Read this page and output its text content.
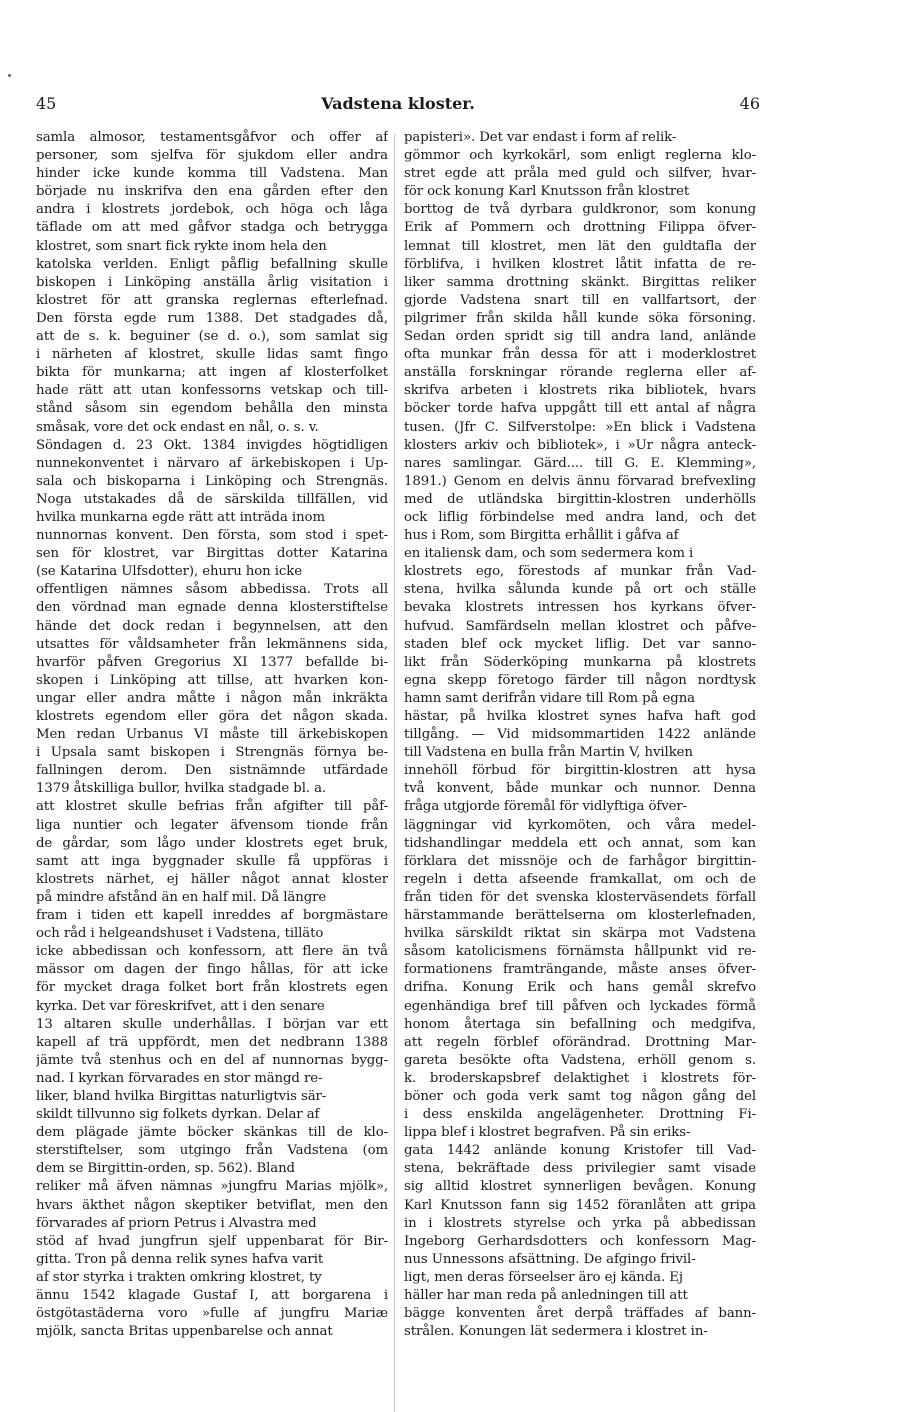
45	Vadstena kloster.	46
samla almosor, testamentsgåfvor och offer af
personer, som sjelfva för sjukdom eller andra
hinder icke kunde komma till Vadstena. Man
började nu inskrifva den ena gården efter den
andra i klostrets jordebok, och höga och låga
täflade om att med gåfvor stadga och betrygga
klostret, som snart fick rykte inom hela den
katolska verlden. Enligt påflig befallning skulle
biskopen i Linköping anställa årlig visitation i
klostret för att granska reglernas efterlefnad.
Den första egde rum 1388. Det stadgades då,
att de s. k. beguiner (se d. o.), som samlat sig
i närheten af klostret, skulle lidas samt fingo
bikta för munkarna; att ingen af klosterfolket
hade rätt att utan konfessorns vetskap och till-
stånd såsom sin egendom behålla den minsta
småsak, vore det ock endast en nål, o. s. v.
Söndagen d. 23 Okt. 1384 invigdes högtidligen
nunnekonventet i närvaro af ärkebiskopen i Up-
sala och biskoparna i Linköping och Strengnäs.
Noga utstakades då de särskilda tillfällen, vid
hvilka munkarna egde rätt att inträda inom
nunnornas konvent. Den första, som stod i spet-
sen för klostret, var Birgittas dotter Katarina
(se Katarina Ulfsdotter), ehuru hon icke
offentligen nämnes såsom abbedissa. Trots all
den vördnad man egnade denna klosterstiftelse
hände det dock redan i begynnelsen, att den
utsattes för våldsamheter från lekmännens sida,
hvarför påfven Gregorius XI 1377 befallde bi-
skopen i Linköping att tillse, att hvarken kon-
ungar eller andra måtte i någon mån inkräkta
klostrets egendom eller göra det någon skada.
Men redan Urbanus VI måste till ärkebiskopen
i Upsala samt biskopen i Strengnäs förnya be-
fallningen derom. Den sistnämnde utfärdade
1379 åtskilliga bullor, hvilka stadgade bl. a.
att klostret skulle befrias från afgifter till påf-
liga nuntier och legater äfvensom tionde från
de gårdar, som lågo under klostrets eget bruk,
samt att inga byggnader skulle få uppföras i
klostrets närhet, ej häller något annat kloster
på mindre afstånd än en half mil. Då längre
fram i tiden ett kapell inreddes af borgmästare
och råd i helgeandshuset i Vadstena, tilläto
icke abbedissan och konfessorn, att flere än två
mässor om dagen der fingo hållas, för att icke
för mycket draga folket bort från klostrets egen
kyrka. Det var föreskrifvet, att i den senare
13 altaren skulle underhållas. I början var ett
kapell af trä uppfördt, men det nedbrann 1388
jämte två stenhus och en del af nunnornas bygg-
nad. I kyrkan förvarades en stor mängd re-
liker, bland hvilka Birgittas naturligtvis sär-
skildt tillvunno sig folkets dyrkan. Delar af
dem plägade jämte böcker skänkas till de klo-
sterstiftelser, som utgingo från Vadstena (om
dem se Birgittin-orden, sp. 562). Bland
reliker må äfven nämnas »jungfru Marias mjölk»,
hvars äkthet någon skeptiker betviflat, men den
förvarades af priorn Petrus i Alvastra med
stöd af hvad jungfrun sjelf uppenbarat för Bir-
gitta. Tron på denna relik synes hafva varit
af stor styrka i trakten omkring klostret, ty
ännu 1542 klagade Gustaf I, att borgarena i
östgötastäderna voro »fulle af jungfru Mariæ
mjölk, sancta Britas uppenbarelse och annat
papisteri». Det var endast i form af relik-
gömmor och kyrkokärl, som enligt reglerna klo-
stret egde att pråla med guld och silfver, hvar-
för ock konung Karl Knutsson från klostret
borttog de två dyrbara guldkronor, som konung
Erik af Pommern och drottning Filippa öfver-
lemnat till klostret, men lät den guldtafla der
förblifva, i hvilken klostret låtit infatta de re-
liker samma drottning skänkt. Birgittas reliker
gjorde Vadstena snart till en vallfartsort, der
pilgrimer från skilda håll kunde söka försoning.
Sedan orden spridt sig till andra land, anlände
ofta munkar från dessa för att i moderklostret
anställa forskningar rörande reglerna eller af-
skrifva arbeten i klostrets rika bibliotek, hvars
böcker torde hafva uppgått till ett antal af några
tusen. (Jfr C. Silfverstolpe: »En blick i Vadstena
klosters arkiv och bibliotek», i »Ur några anteck-
nares samlingar. Gärd.... till G. E. Klemming»,
1891.) Genom en delvis ännu förvarad brefvexling
med de utländska birgittin-klostren underhölls
ock liflig förbindelse med andra land, och det
hus i Rom, som Birgitta erhållit i gåfva af
en italiensk dam, och som sedermera kom i
klostrets ego, förestods af munkar från Vad-
stena, hvilka sålunda kunde på ort och ställe
bevaka klostrets intressen hos kyrkans öfver-
hufvud. Samfärdseln mellan klostret och påfve-
staden blef ock mycket liflig. Det var sanno-
likt från Söderköping munkarna på klostrets
egna skepp företogo färder till någon nordtysk
hamn samt derifrån vidare till Rom på egna
hästar, på hvilka klostret synes hafva haft god
tillgång. — Vid midsommartiden 1422 anlände
till Vadstena en bulla från Martin V, hvilken
innehöll förbud för birgittin-klostren att hysa
två konvent, både munkar och nunnor. Denna
fråga utgjorde föremål för vidlyftiga öfver-
läggningar vid kyrkomöten, och våra medel-
tidshandlingar meddela ett och annat, som kan
förklara det missnöje och de farhågor birgittin-
regeln i detta afseende framkallat, om och de
från tiden för det svenska klosterväsendets förfall
härstammande berättelserna om klosterlefnaden,
hvilka särskildt riktat sin skärpa mot Vadstena
såsom katolicismens förnämsta hållpunkt vid re-
formationens framträngande, måste anses öfver-
drifna. Konung Erik och hans gemål skrefvo
egenhändiga bref till påfven och lyckades förmå
honom återtaga sin befallning och medgifva,
att regeln förblef oförändrad. Drottning Mar-
gareta besökte ofta Vadstena, erhöll genom s.
k. broderskapsbref delaktighet i klostrets för-
böner och goda verk samt tog någon gång del
i dess enskilda angelägenheter. Drottning Fi-
lippa blef i klostret begrafven. På sin eriks-
gata 1442 anlände konung Kristofer till Vad-
stena, bekräftade dess privilegier samt visade
sig alltid klostret synnerligen bevågen. Konung
Karl Knutsson fann sig 1452 föranlåten att gripa
in i klostrets styrelse och yrka på abbedissan
Ingeborg Gerhardsdotters och konfessorn Mag-
nus Unnessons afsättning. De afgingo frivil-
ligt, men deras förseelser äro ej kända. Ej
häller har man reda på anledningen till att
bägge konventen året derpå träffades af bann-
strålen. Konungen lät sedermera i klostret in-
